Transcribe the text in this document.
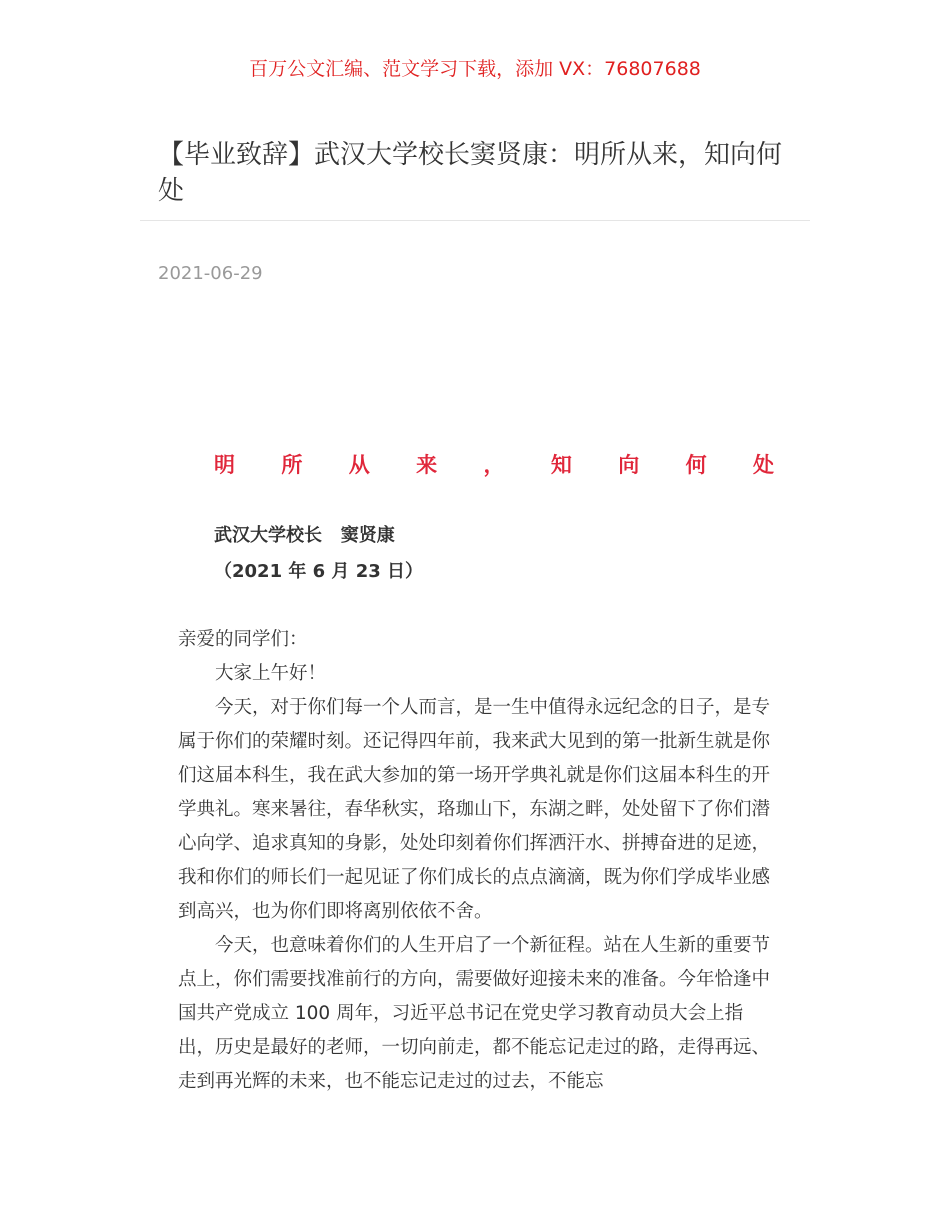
百万公文汇编、范文学习下载，添加 VX：76807688
【毕业致辞】武汉大学校长窦贤康：明所从来，知向何处
2021-06-29
明 所 从 来 ， 知 向 何 处
武汉大学校长   窦贤康
（2021 年 6 月 23 日）

亲爱的同学们：

大家上午好！

今天，对于你们每一个人而言，是一生中值得永远纪念的日子，是专属于你们的荣耀时刻。还记得四年前，我来武大见到的第一批新生就是你们这届本科生，我在武大参加的第一场开学典礼就是你们这届本科生的开学典礼。寒来暑往，春华秋实，珞珈山下，东湖之畔，处处留下了你们潜心向学、追求真知的身影，处处印刻着你们挥洒汗水、拼搏奋进的足迹，我和你们的师长们一起见证了你们成长的点点滴滴，既为你们学成毕业感到高兴，也为你们即将离别依依不舍。

今天，也意味着你们的人生开启了一个新征程。站在人生新的重要节点上，你们需要找准前行的方向，需要做好迎接未来的准备。今年恰逢中国共产党成立 100 周年，习近平总书记在党史学习教育动员大会上指出，历史是最好的老师，一切向前走，都不能忘记走过的路，走得再远、走到再光辉的未来，也不能忘记走过的过去，不能忘
